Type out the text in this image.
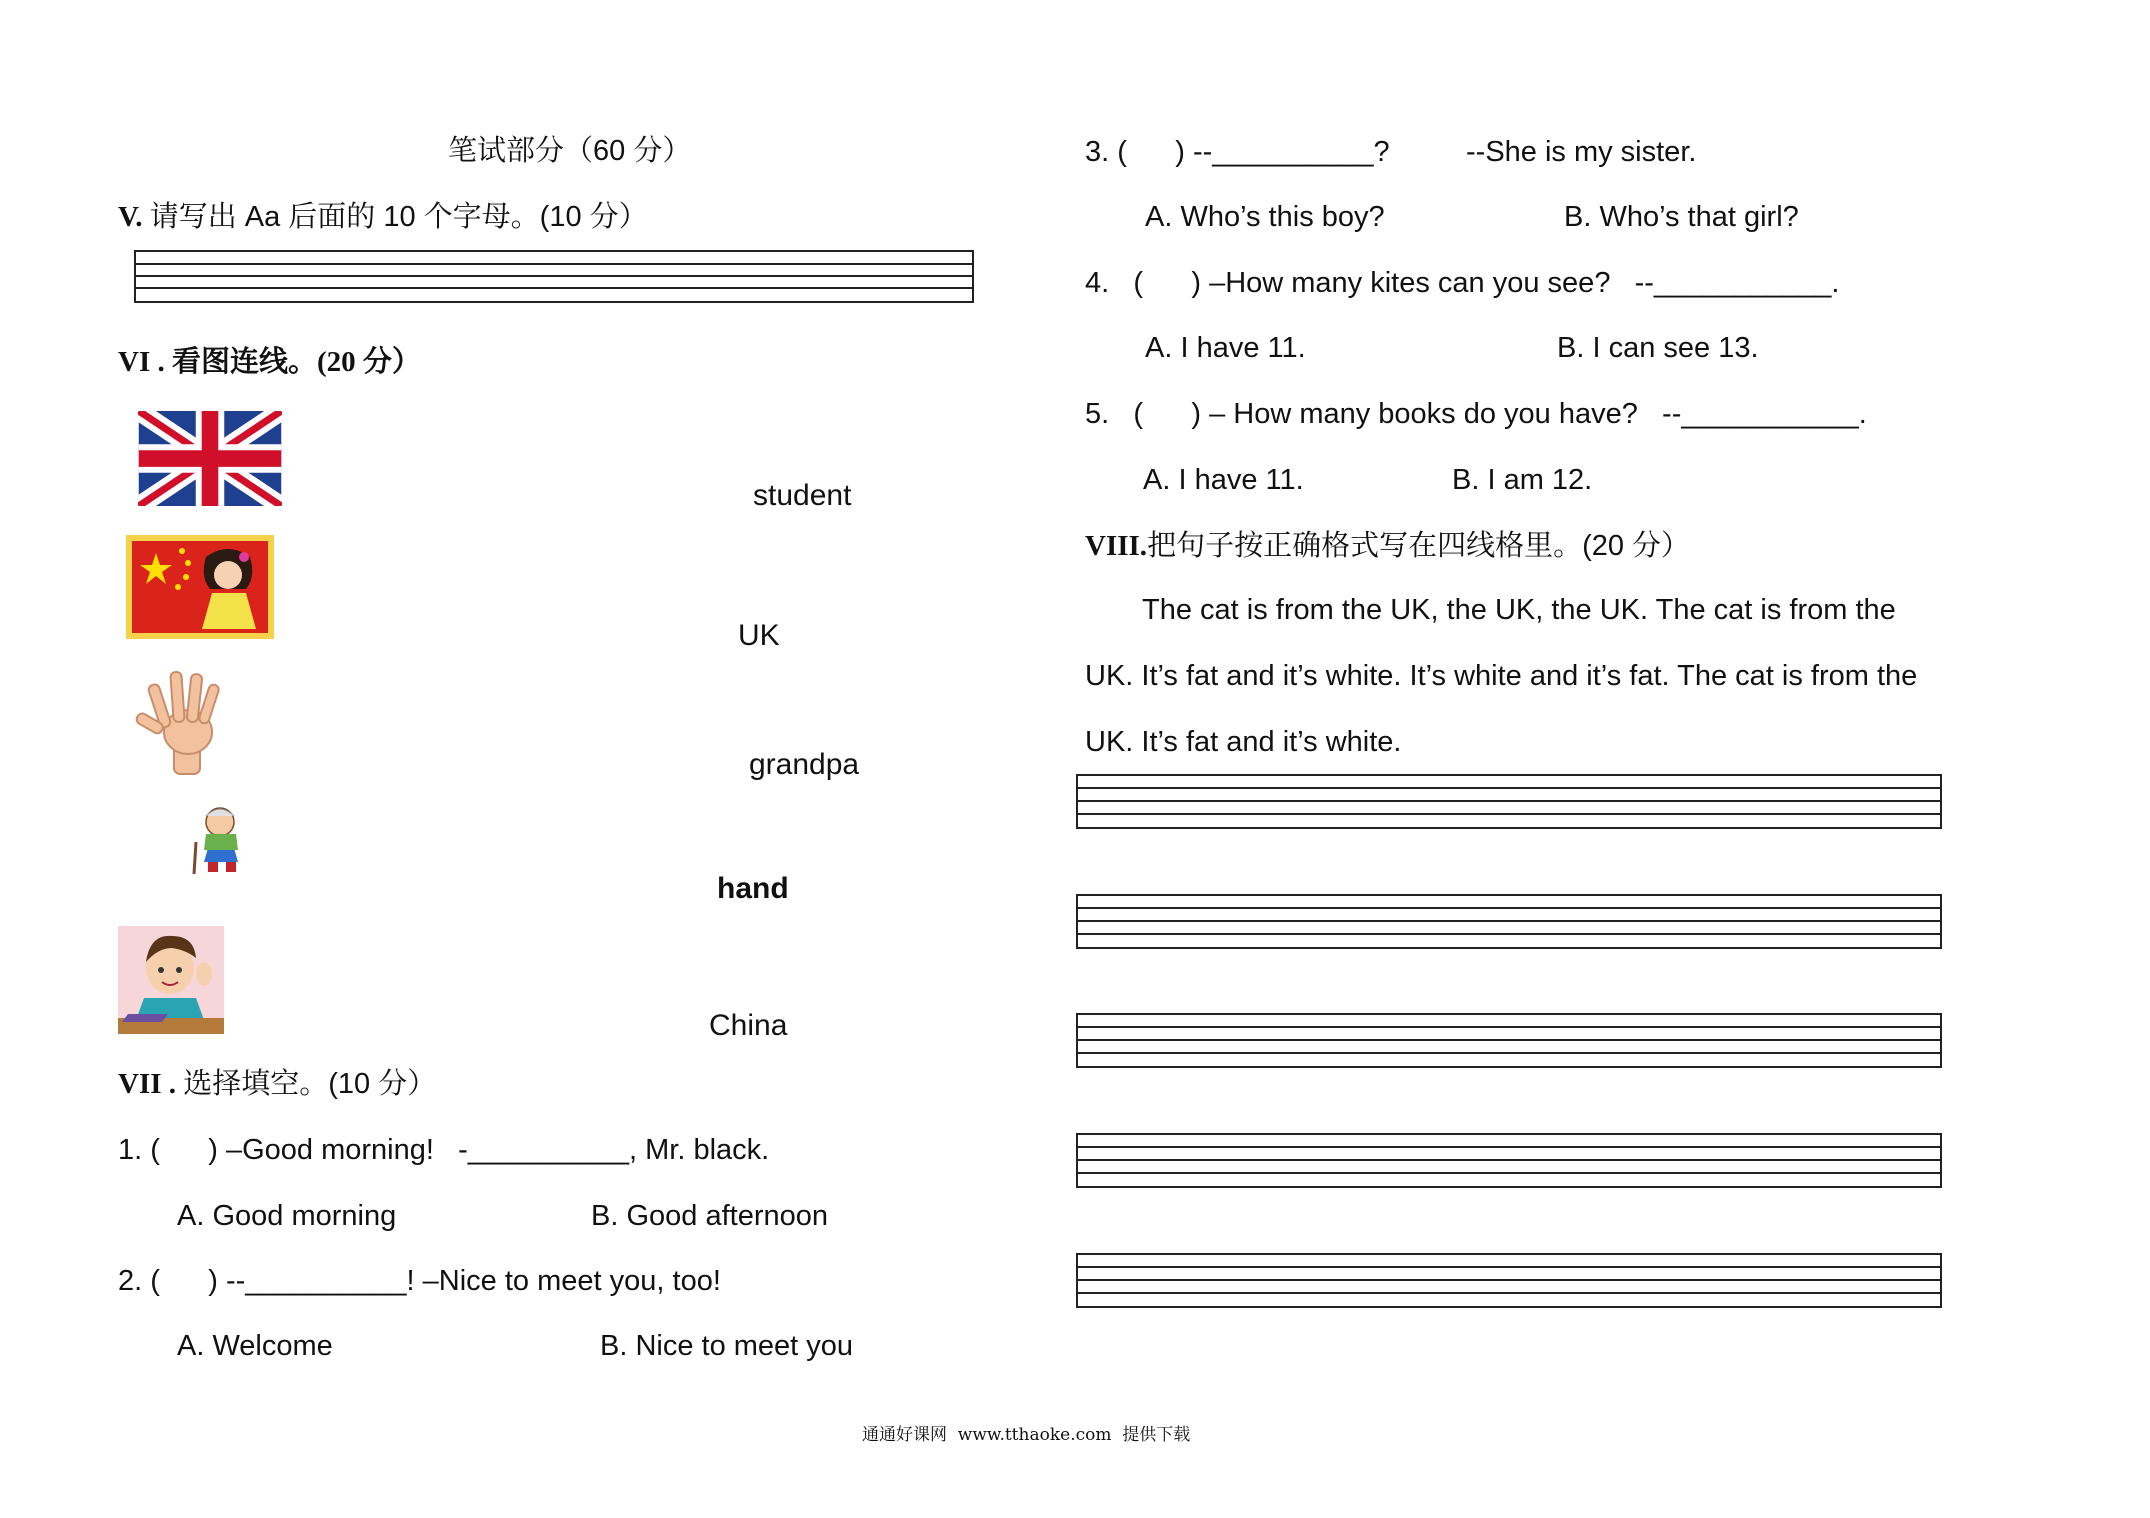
笔试部分（60 分）
V. 请写出 Aa 后面的 10 个字母。(10 分）
VI . 看图连线。(20 分）
student
UK
grandpa
hand
China
VII . 选择填空。(10 分）
1. (      ) –Good morning!   -__________, Mr. black.
A. Good morning	B. Good afternoon
2. (      ) --__________! –Nice to meet you, too!
A. Welcome	B. Nice to meet you
3. (      ) --__________?	--She is my sister.
A. Who’s this boy?	B. Who’s that girl?
4.   (      ) –How many kites can you see?   --___________.
A. I have 11.	B. I can see 13.
5.   (      ) – How many books do you have?   --___________.
A. I have 11.	B. I am 12.
VIII.把句子按正确格式写在四线格里。(20 分）
The cat is from the UK, the UK, the UK. The cat is from the
UK. It’s fat and it’s white. It’s white and it’s fat. The cat is from the
UK. It’s fat and it’s white.
通通好课网  www.tthaoke.com  提供下载
